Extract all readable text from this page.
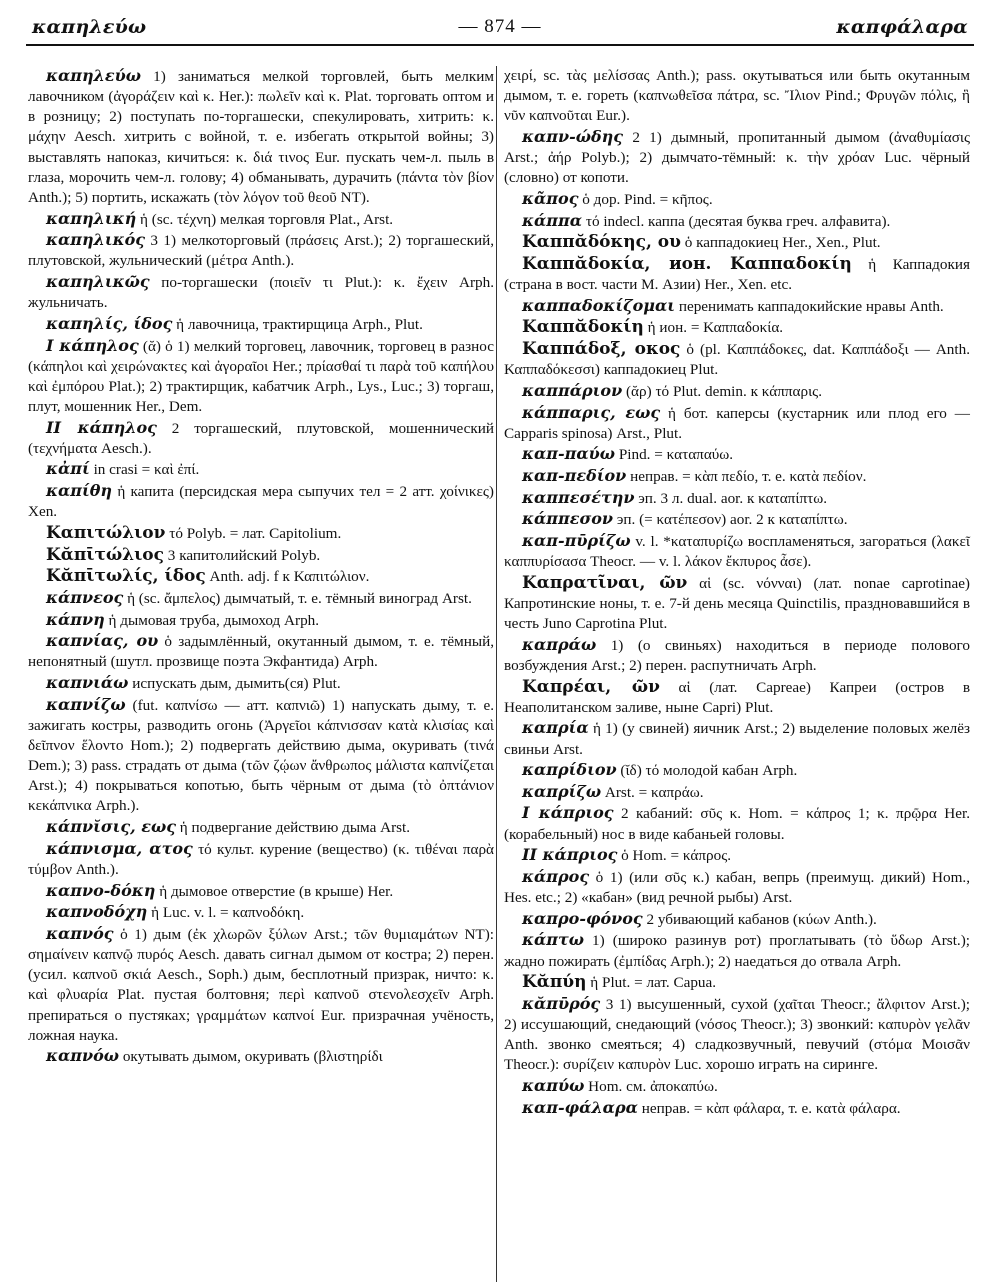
καπηλεύω	— 874 —	καπφάλαρα

καπηλεύω 1) заниматься мелкой торговлей, быть мелким лавочником (ἀγοράζειν καὶ κ. Her.): πωλεῖν καὶ κ. Plat. торговать оптом и в розницу; 2) поступать по-торгашески, спекулировать, хитрить: κ. μάχην Aesch. хитрить с войной, т. е. избегать открытой войны; 3) выставлять напоказ, кичиться: κ. διά τινος Eur. пускать чем-л. пыль в глаза, морочить чем-л. голову; 4) обманывать, дурачить (πάντα τὸν βίον Anth.); 5) портить, искажать (τὸν λόγον τοῦ θεοῦ NT).

καπηλική ἡ (sc. τέχνη) мелкая торговля Plat., Arst.

καπηλικός 3 1) мелкоторговый (πράσεις Arst.); 2) торгашеский, плутовской, жульнический (μέτρα Anth.).

καπηλικῶς по-торгашески (ποιεῖν τι Plut.): κ. ἔχειν Arph. жульничать.

καπηλίς, ίδος ἡ лавочница, трактирщица Arph., Plut.

I κάπηλος (ᾰ) ὁ 1) мелкий торговец, лавочник, торговец в разнос (κάπηλοι καὶ χειρώνακτες καὶ ἀγοραῖοι Her.; πρίασθαί τι παρὰ τοῦ καπήλου καὶ ἐμπόρου Plat.); 2) трактирщик, кабатчик Arph., Lys., Luc.; 3) торгаш, плут, мошенник Her., Dem.

II κάπηλος 2 торгашеский, плутовской, мошеннический (τεχνήματα Aesch.).

κἀπί in crasi = καὶ ἐπί.

καπίθη ἡ капита (персидская мера сыпучих тел = 2 атт. χοίνικες) Xen.

Καπιτώλιον τό Polyb. = лат. Capitolium.

Κᾰπῑτώλιος 3 капитолийский Polyb.

Κᾰπῑτωλίς, ίδος Anth. adj. f к Καπιτώλιον.

κάπνεος ἡ (sc. ἄμπελος) дымчатый, т. е. тёмный виноград Arst.

κάπνη ἡ дымовая труба, дымоход Arph.

καπνίας, ου ὁ задымлённый, окутанный дымом, т. е. тёмный, непонятный (шутл. прозвище поэта Экфантида) Arph.

καπνιάω испускать дым, дымить(ся) Plut.

καπνίζω (fut. καπνίσω — атт. καπνιῶ) 1) напускать дыму, т. е. зажигать костры, разводить огонь (Ἀργεῖοι κάπνισσαν κατὰ κλισίας καὶ δεῖπνον ἕλοντο Hom.); 2) подвергать действию дыма, окуривать (τινά Dem.); 3) pass. страдать от дыма (τῶν ζῴων ἄνθρωπος μάλιστα καπνίζεται Arst.); 4) покрываться копотью, быть чёрным от дыма (τὸ ὀπτάνιον κεκάπνικα Arph.).

κάπνῐσις, εως ἡ подвергание действию дыма Arst.

κάπνισμα, ατος τό культ. курение (вещество) (κ. τιθέναι παρὰ τύμβον Anth.).

καπνο-δόκη ἡ дымовое отверстие (в крыше) Her.

καπνοδόχη ἡ Luc. v. l. = καπνοδόκη.

καπνός ὁ 1) дым (ἐκ χλωρῶν ξύλων Arst.; τῶν θυμιαμάτων NT): σημαίνειν καπνῷ πυρός Aesch. давать сигнал дымом от костра; 2) перен. (усил. καπνοῦ σκιά Aesch., Soph.) дым, бесплотный призрак, ничто: κ. καὶ φλυαρία Plat. пустая болтовня; περὶ καπνοῦ στενολεσχεῖν Arph. препираться о пустяках; γραμμάτων καπνοί Eur. призрачная учёность, ложная наука.

καπνόω окутывать дымом, окуривать (βλιστηρίδι

χειρί, sc. τὰς μελίσσας Anth.); pass. окутываться или быть окутанным дымом, т. е. гореть (καπνωθεῖσα πάτρα, sc. Ἴλιον Pind.; Φρυγῶν πόλις, ἣ νῦν καπνοῦται Eur.).

καπν-ώδης 2 1) дымный, пропитанный дымом (ἀναθυμίασις Arst.; ἀήρ Polyb.); 2) дымчато-тёмный: κ. τὴν χρόαν Luc. чёрный (словно) от копоти.

κᾶπος ὁ дор. Pind. = κῆπος.

κάππα τό indecl. каппа (десятая буква греч. алфавита).

Καππᾰδόκης, ου ὁ каппадокиец Her., Xen., Plut.

Καππᾰδοκία, ион. Καππαδοκίη ἡ Каппадокия (страна в вост. части М. Азии) Her., Xen. etc.

καππαδοκίζομαι перенимать каппадокийские нравы Anth.

Καππᾰδοκίη ἡ ион. = Καππαδοκία.

Καππάδοξ, οκος ὁ (pl. Καππάδοκες, dat. Καππάδοξι — Anth. Καππαδόκεσσι) каппадокиец Plut.

καππάριον (ᾰρ) τό Plut. demin. к κάππαρις.

κάππαρις, εως ἡ бот. каперсы (кустарник или плод его — Capparis spinosa) Arst., Plut.

καπ-παύω Pind. = καταπαύω.

καπ-πεδίον неправ. = κὰπ πεδίο, т. е. κατὰ πεδίον.

καππεσέτην эп. 3 л. dual. aor. к καταπίπτω.

κάππεσον эп. (= κατέπεσον) aor. 2 к καταπίπτω.

καπ-πῡρίζω v. l. *καταπυρίζω воспламеняться, загораться (λακεῖ καππυρίσασα Theocr. — v. l. λάκον ἔκπυρος ἆσε).

Καπρατῖναι, ῶν αἱ (sc. νόνναι) (лат. nonae caprotinae) Капротинские ноны, т. е. 7-й день месяца Quinctilis, праздновавшийся в честь Juno Caprotina Plut.

καπράω 1) (о свиньях) находиться в периоде полового возбуждения Arst.; 2) перен. распутничать Arph.

Καπρέαι, ῶν αἱ (лат. Capreae) Капреи (остров в Неаполитанском заливе, ныне Capri) Plut.

καπρία ἡ 1) (у свиней) яичник Arst.; 2) выделение половых желёз свиньи Arst.

καπρίδιον (ῐδ) τό молодой кабан Arph.

καπρίζω Arst. = καπράω.

I κάπριος 2 кабаний: σῦς κ. Hom. = κάπρος 1; κ. πρῷρα Her. (корабельный) нос в виде кабаньей головы.

II κάπριος ὁ Hom. = κάπρος.

κάπρος ὁ 1) (или σῦς κ.) кабан, вепрь (преимущ. дикий) Hom., Hes. etc.; 2) «кабан» (вид речной рыбы) Arst.

καπρο-φόνος 2 убивающий кабанов (κύων Anth.).

κάπτω 1) (широко разинув рот) проглатывать (τὸ ὕδωρ Arst.); жадно пожирать (ἐμπίδας Arph.); 2) наедаться до отвала Arph.

Κᾰπύη ἡ Plut. = лат. Capua.

κᾰπῡρός 3 1) высушенный, сухой (χαῖται Theocr.; ἄλφιτον Arst.); 2) иссушающий, снедающий (νόσος Theocr.); 3) звонкий: καπυρὸν γελᾶν Anth. звонко смеяться; 4) сладкозвучный, певучий (στόμα Μοισᾶν Theocr.): συρίζειν καπυρὸν Luc. хорошо играть на сиринге.

καπύω Hom. см. ἀποκαπύω.

καπ-φάλαρα неправ. = κὰπ φάλαρα, т. е. κατὰ φάλαρα.
